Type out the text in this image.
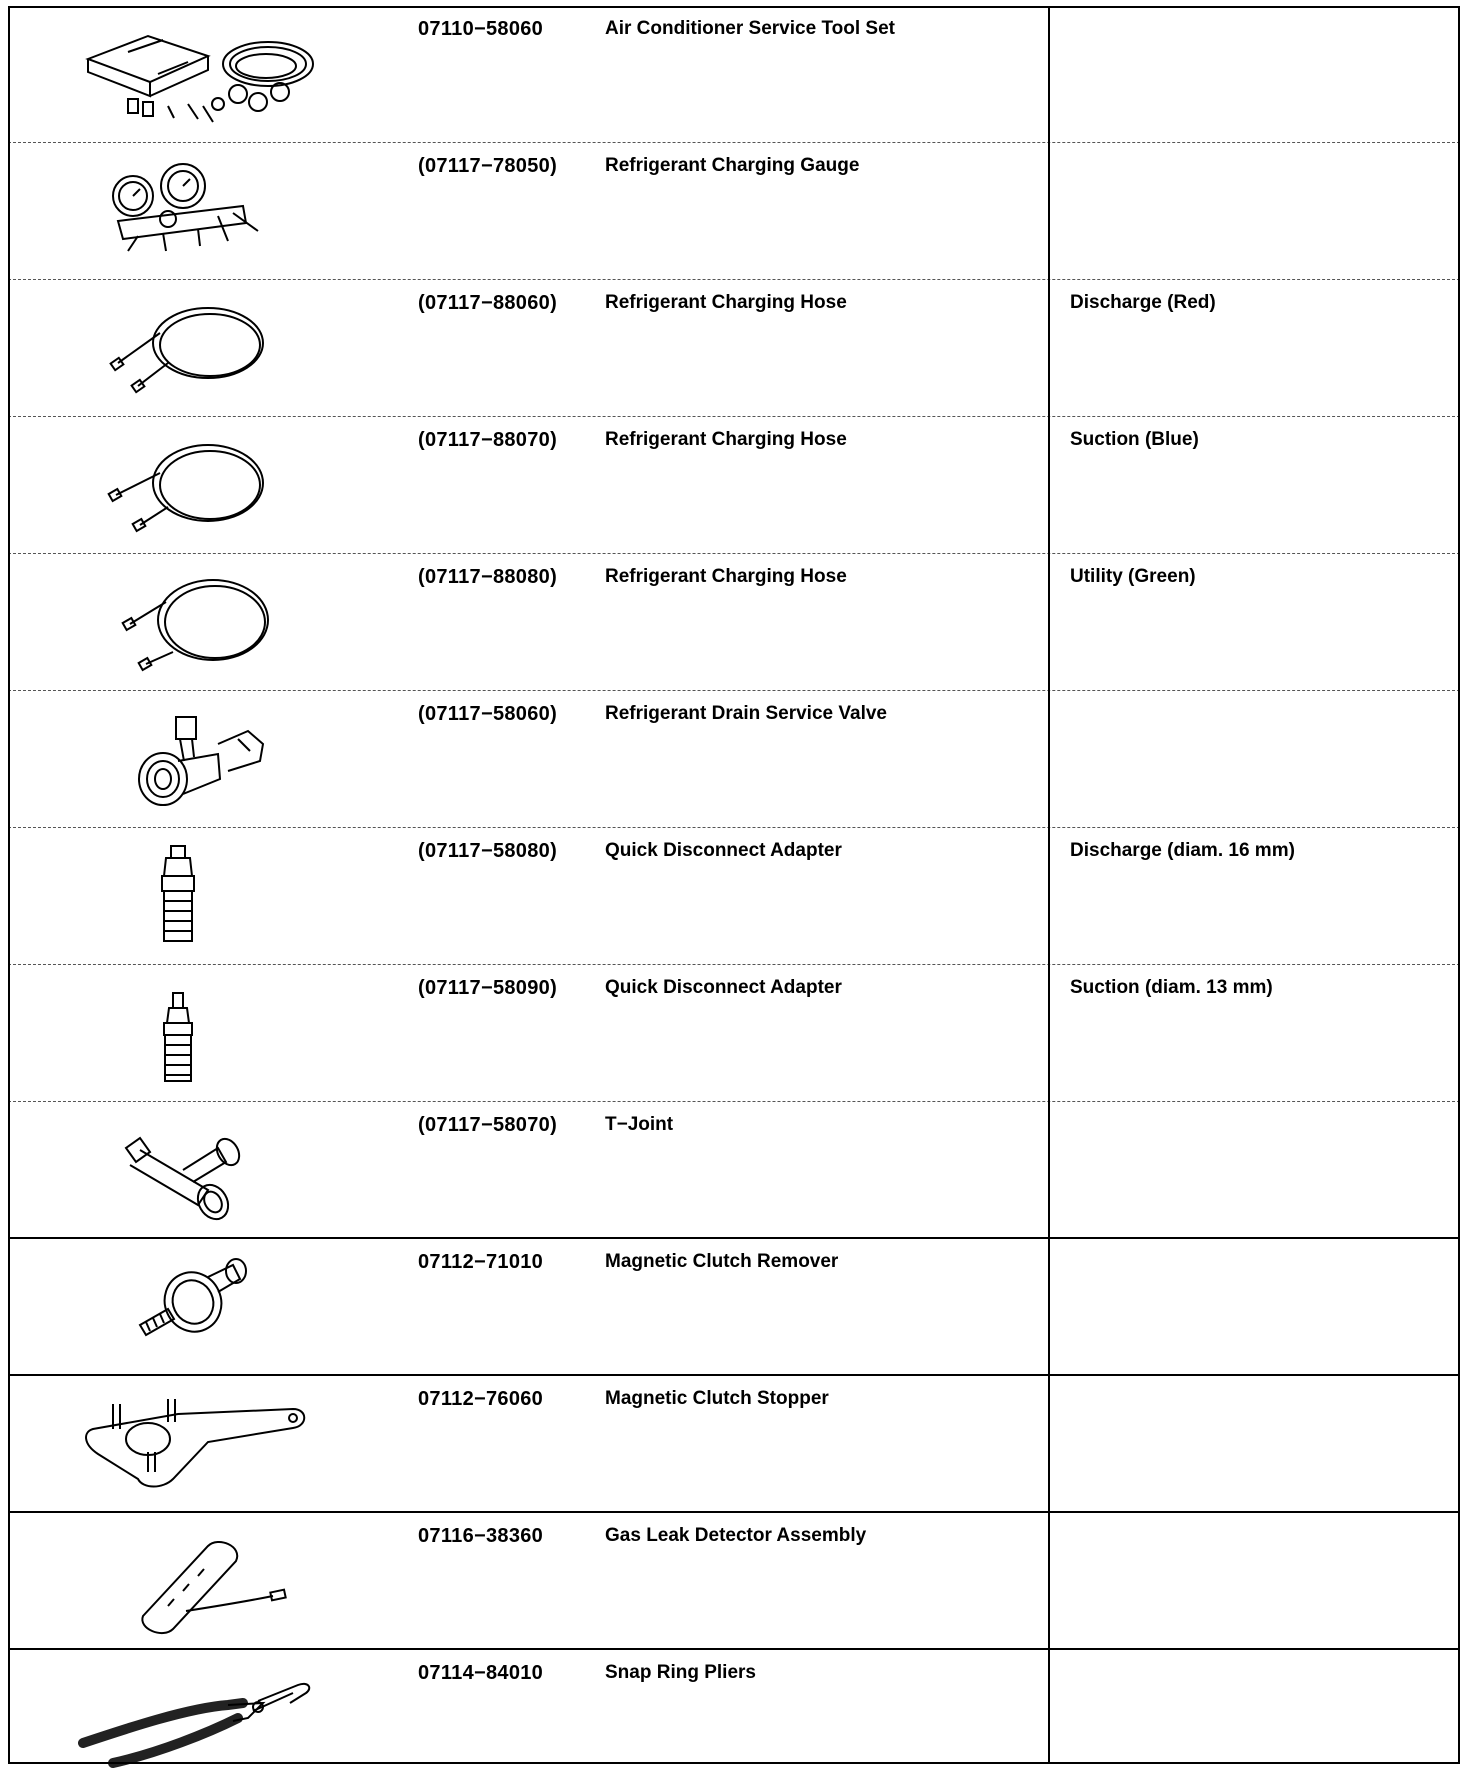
07110−58060	Air Conditioner Service Tool Set
(07117−78050)	Refrigerant Charging Gauge
(07117−88060)	Refrigerant Charging Hose	Discharge (Red)
(07117−88070)	Refrigerant Charging Hose	Suction (Blue)
(07117−88080)	Refrigerant Charging Hose	Utility (Green)
(07117−58060)	Refrigerant Drain Service Valve
(07117−58080)	Quick Disconnect Adapter	Discharge (diam. 16 mm)
(07117−58090)	Quick Disconnect Adapter	Suction (diam. 13 mm)
(07117−58070)	T−Joint
07112−71010	Magnetic Clutch Remover
07112−76060	Magnetic Clutch Stopper
07116−38360	Gas Leak Detector Assembly
07114−84010	Snap Ring Pliers
